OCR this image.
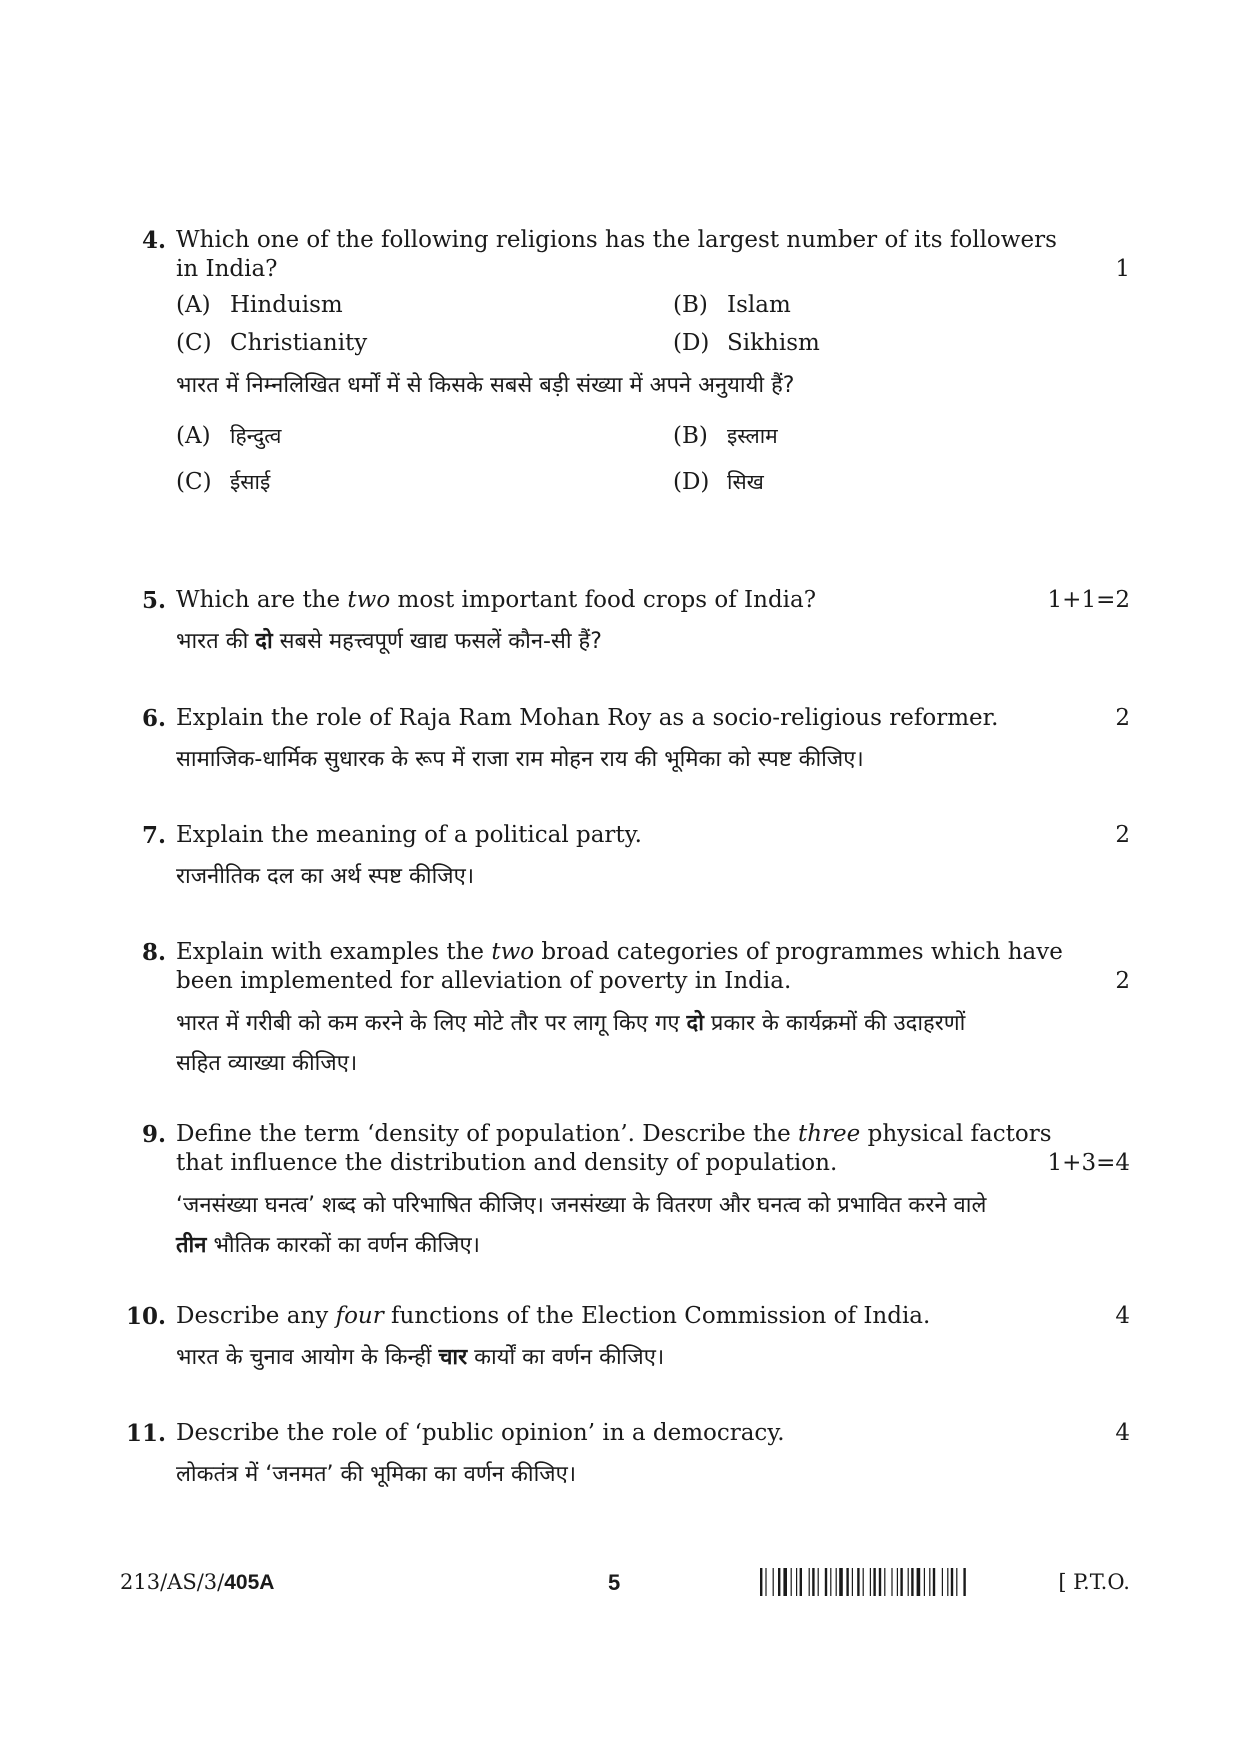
4. Which one of the following religions has the largest number of its followers
in India?	1
(A) Hinduism	(B) Islam
(C) Christianity	(D) Sikhism
भारत में निम्नलिखित धर्मों में से किसके सबसे बड़ी संख्या में अपने अनुयायी हैं?
(A) हिन्दुत्व	(B) इस्लाम
(C) ईसाई	(D) सिख
5. Which are the two most important food crops of India?	1+1=2
भारत की दो सबसे महत्त्वपूर्ण खाद्य फसलें कौन-सी हैं?
6. Explain the role of Raja Ram Mohan Roy as a socio-religious reformer.	2
सामाजिक-धार्मिक सुधारक के रूप में राजा राम मोहन राय की भूमिका को स्पष्ट कीजिए।
7. Explain the meaning of a political party.	2
राजनीतिक दल का अर्थ स्पष्ट कीजिए।
8. Explain with examples the two broad categories of programmes which have
been implemented for alleviation of poverty in India.	2
भारत में गरीबी को कम करने के लिए मोटे तौर पर लागू किए गए दो प्रकार के कार्यक्रमों की उदाहरणों
सहित व्याख्या कीजिए।
9. Define the term ‘density of population’. Describe the three physical factors
that influence the distribution and density of population.	1+3=4
‘जनसंख्या घनत्व’ शब्द को परिभाषित कीजिए। जनसंख्या के वितरण और घनत्व को प्रभावित करने वाले
तीन भौतिक कारकों का वर्णन कीजिए।
10. Describe any four functions of the Election Commission of India.	4
भारत के चुनाव आयोग के किन्हीं चार कार्यों का वर्णन कीजिए।
11. Describe the role of ‘public opinion’ in a democracy.	4
लोकतंत्र में ‘जनमत’ की भूमिका का वर्णन कीजिए।
213/AS/3/405A	5	[ P.T.O.
